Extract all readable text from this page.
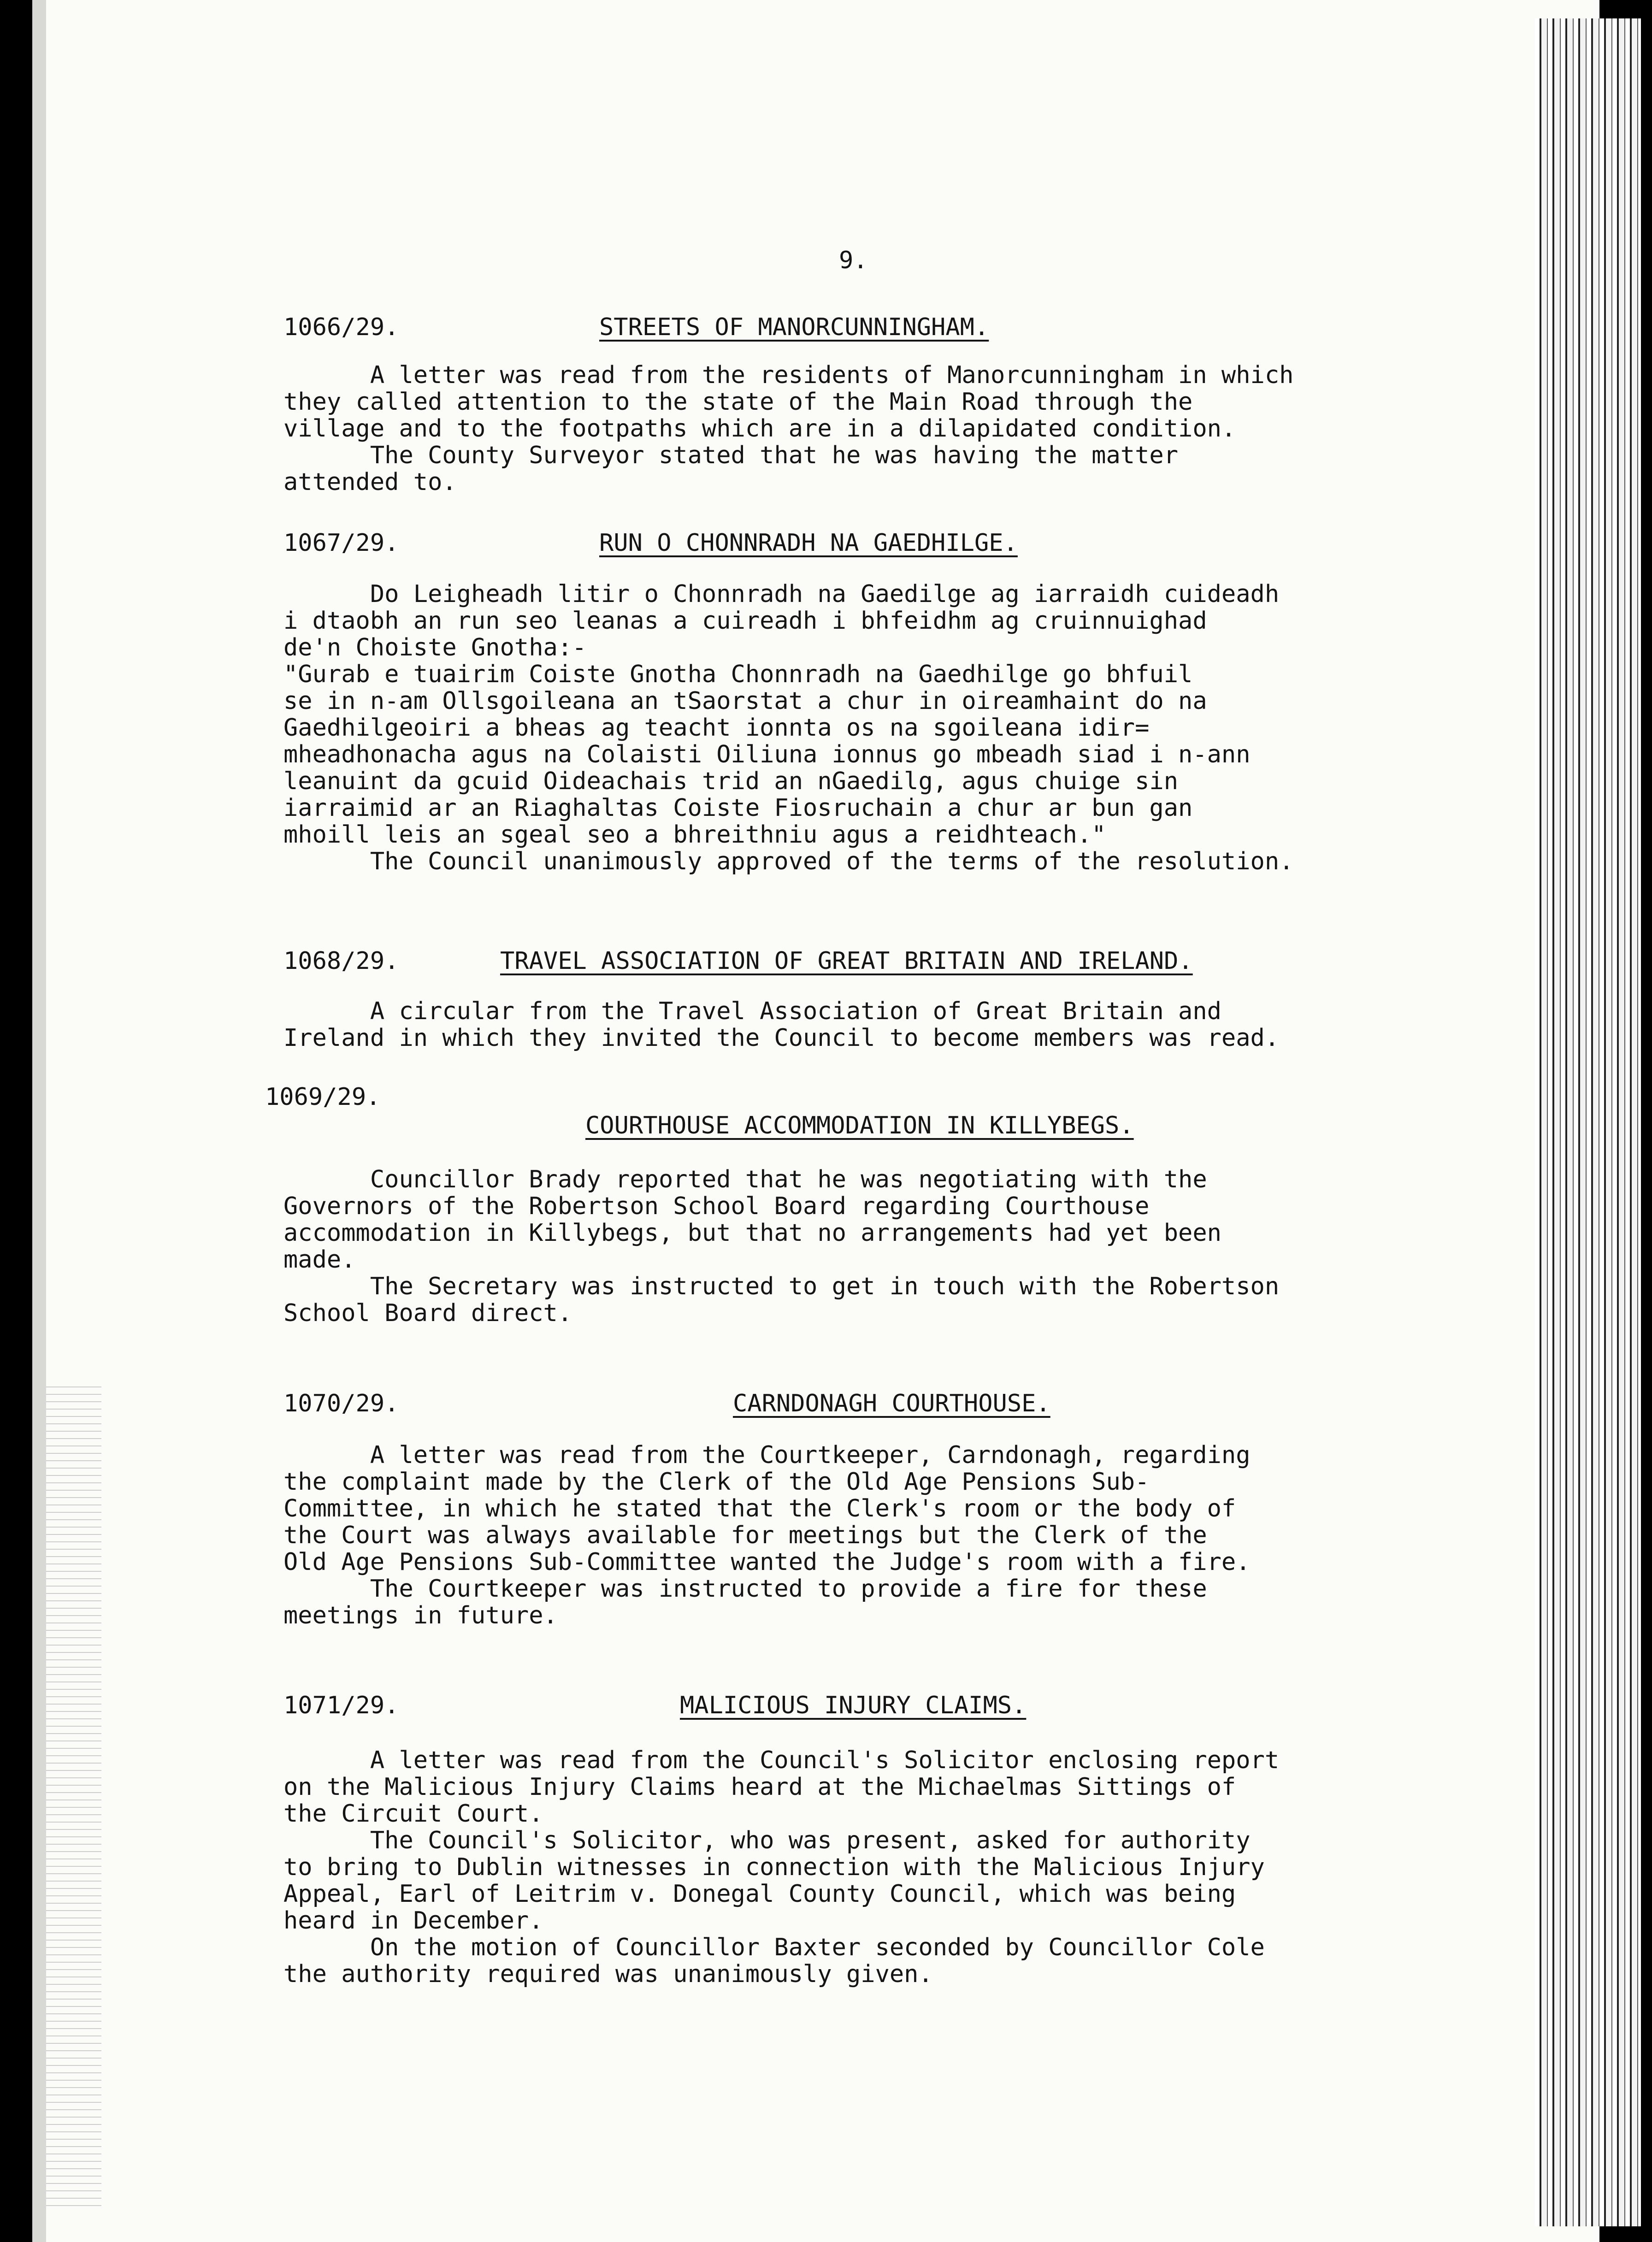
9.
1066/29.	STREETS OF MANORCUNNINGHAM.
A letter was read from the residents of Manorcunningham in which
they called attention to the state of the Main Road through the
village and to the footpaths which are in a dilapidated condition.
The County Surveyor stated that he was having the matter
attended to.
1067/29.	RUN O CHONNRADH NA GAEDHILGE.
Do Leigheadh litir o Chonnradh na Gaedilge ag iarraidh cuideadh
i dtaobh an run seo leanas a cuireadh i bhfeidhm ag cruinnuighad
de'n Choiste Gnotha:-
"Gurab e tuairim Coiste Gnotha Chonnradh na Gaedhilge go bhfuil
se in n-am Ollsgoileana an tSaorstat a chur in oireamhaint do na
Gaedhilgeoiri a bheas ag teacht ionnta os na sgoileana idir=
mheadhonacha agus na Colaisti Oiliuna ionnus go mbeadh siad i n-ann
leanuint da gcuid Oideachais trid an nGaedilg, agus chuige sin
iarraimid ar an Riaghaltas Coiste Fiosruchain a chur ar bun gan
mhoill leis an sgeal seo a bhreithniu agus a reidhteach."
The Council unanimously approved of the terms of the resolution.
1068/29.	TRAVEL ASSOCIATION OF GREAT BRITAIN AND IRELAND.
A circular from the Travel Association of Great Britain and
Ireland in which they invited the Council to become members was read.
1069/29.
COURTHOUSE ACCOMMODATION IN KILLYBEGS.
Councillor Brady reported that he was negotiating with the
Governors of the Robertson School Board regarding Courthouse
accommodation in Killybegs, but that no arrangements had yet been
made.
The Secretary was instructed to get in touch with the Robertson
School Board direct.
1070/29.	CARNDONAGH COURTHOUSE.
A letter was read from the Courtkeeper, Carndonagh, regarding
the complaint made by the Clerk of the Old Age Pensions Sub-
Committee, in which he stated that the Clerk's room or the body of
the Court was always available for meetings but the Clerk of the
Old Age Pensions Sub-Committee wanted the Judge's room with a fire.
The Courtkeeper was instructed to provide a fire for these
meetings in future.
1071/29.	MALICIOUS INJURY CLAIMS.
A letter was read from the Council's Solicitor enclosing report
on the Malicious Injury Claims heard at the Michaelmas Sittings of
the Circuit Court.
The Council's Solicitor, who was present, asked for authority
to bring to Dublin witnesses in connection with the Malicious Injury
Appeal, Earl of Leitrim v. Donegal County Council, which was being
heard in December.
On the motion of Councillor Baxter seconded by Councillor Cole
the authority required was unanimously given.
